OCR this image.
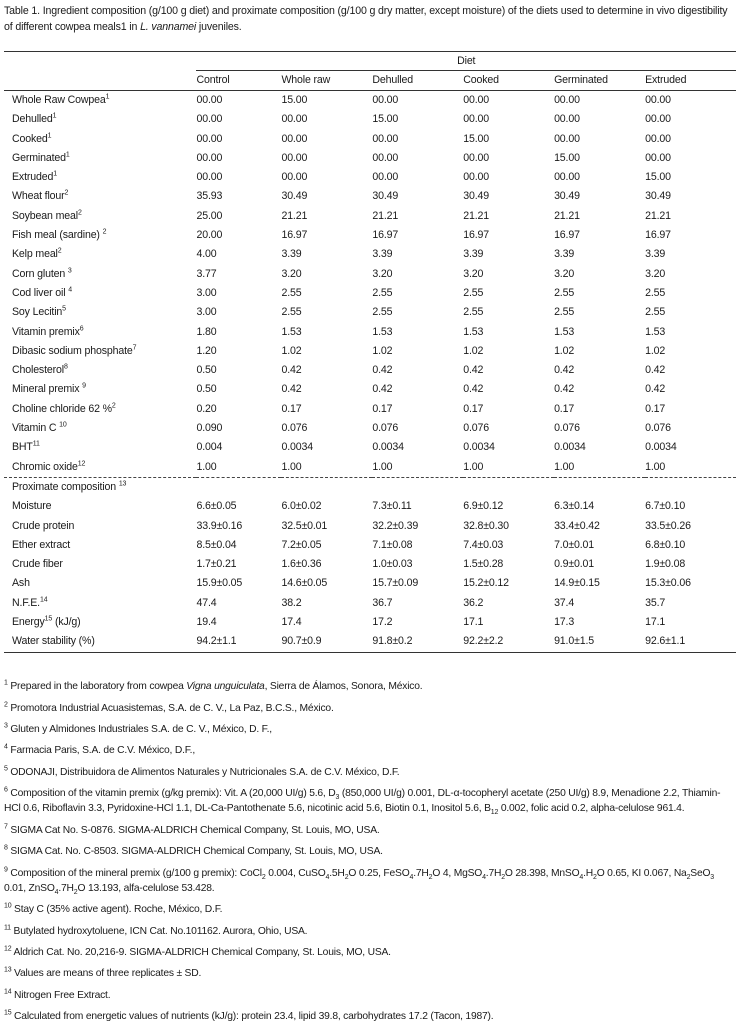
Table 1. Ingredient composition (g/100 g diet) and proximate composition (g/100 g dry matter, except moisture) of the diets used to determine in vivo digestibility of different cowpea meals1 in L. vannamei juveniles.
	Diet					
	Control	Whole raw	Dehulled	Cooked	Germinated	Extruded
Whole Raw Cowpea$^1$	00.00	15.00	00.00	00.00	00.00	00.00
Dehulled$^1$	00.00	00.00	15.00	00.00	00.00	00.00
Cooked$^1$	00.00	00.00	00.00	15.00	00.00	00.00
Germinated$^1$	00.00	00.00	00.00	00.00	15.00	00.00
Extruded$^1$	00.00	00.00	00.00	00.00	00.00	15.00
Wheat flour$^2$	35.93	30.49	30.49	30.49	30.49	30.49
Soybean meal$^2$	25.00	21.21	21.21	21.21	21.21	21.21
Fish meal (sardine) $^2$	20.00	16.97	16.97	16.97	16.97	16.97
Kelp meal$^2$	4.00	3.39	3.39	3.39	3.39	3.39
Corn gluten $^3$	3.77	3.20	3.20	3.20	3.20	3.20
Cod liver oil $^4$	3.00	2.55	2.55	2.55	2.55	2.55
Soy Lecitin$^5$	3.00	2.55	2.55	2.55	2.55	2.55
Vitamin premix$^6$	1.80	1.53	1.53	1.53	1.53	1.53
Dibasic sodium phosphate$^7$	1.20	1.02	1.02	1.02	1.02	1.02
Cholesterol$^8$	0.50	0.42	0.42	0.42	0.42	0.42
Mineral premix $^9$	0.50	0.42	0.42	0.42	0.42	0.42
Choline chloride 62 %$^2$	0.20	0.17	0.17	0.17	0.17	0.17
Vitamin C $^{10}$	0.090	0.076	0.076	0.076	0.076	0.076
BHT$^{11}$	0.004	0.0034	0.0034	0.0034	0.0034	0.0034
Chromic oxide$^{12}$	1.00	1.00	1.00	1.00	1.00	1.00
Proximate composition $^{13}$
Moisture	6.6±0.05	6.0±0.02	7.3±0.11	6.9±0.12	6.3±0.14	6.7±0.10
Crude protein	33.9±0.16	32.5±0.01	32.2±0.39	32.8±0.30	33.4±0.42	33.5±0.26
Ether extract	8.5±0.04	7.2±0.05	7.1±0.08	7.4±0.03	7.0±0.01	6.8±0.10
Crude fiber	1.7±0.21	1.6±0.36	1.0±0.03	1.5±0.28	0.9±0.01	1.9±0.08
Ash	15.9±0.05	14.6±0.05	15.7±0.09	15.2±0.12	14.9±0.15	15.3±0.06
N.F.E.$^{14}$	47.4	38.2	36.7	36.2	37.4	35.7
Energy$^{15}$ (kJ/g)	19.4	17.4	17.2	17.1	17.3	17.1
Water stability (%)	94.2±1.1	90.7±0.9	91.8±0.2	92.2±2.2	91.0±1.5	92.6±1.1
$^1$ Prepared in the laboratory from cowpea Vigna unguiculata, Sierra de Álamos, Sonora, México.
$^2$ Promotora Industrial Acuasistemas, S.A. de C. V., La Paz, B.C.S., México.
$^3$ Gluten y Almidones Industriales S.A. de C. V., México, D. F.,
$^4$ Farmacia Paris, S.A. de C.V. México, D.F.,
$^5$ ODONAJI, Distribuidora de Alimentos Naturales y Nutricionales S.A. de C.V. México, D.F.
$^6$ Composition of the vitamin premix (g/kg premix): Vit. A (20,000 UI/g) 5.6, $D_3$ (850,000 UI/g) 0.001, DL-α-tocopheryl acetate (250 UI/g) 8.9, Menadione 2.2, Thiamin-HCl 0.6, Riboflavin 3.3, Pyridoxine-HCl 1.1, DL-Ca-Pantothenate 5.6, nicotinic acid 5.6, Biotin 0.1, Inositol 5.6, $B_{12}$ 0.002, folic acid 0.2, alpha-celulose 961.4.
$^7$ SIGMA Cat No. S-0876. SIGMA-ALDRICH Chemical Company, St. Louis, MO, USA.
$^8$ SIGMA Cat. No. C-8503. SIGMA-ALDRICH Chemical Company, St. Louis, MO, USA.
$^9$ Composition of the mineral premix (g/100 g premix): CoCl$_2$ 0.004, $CuSO_4.5H_2O$ 0.25, $FeSO_4.7H_2O$ 4, $MgSO_4.7H_2O$ 28.398, $MnSO_4.H_2O$ 0.65, KI 0.067, $Na_2SeO_3$ 0.01, $ZnSO_4.7H_2O$ 13.193, alfa-celulose 53.428.
$^{10}$ Stay C (35% active agent). Roche, México, D.F.
$^{11}$ Butylated hydroxytoluene, ICN Cat. No.101162. Aurora, Ohio, USA.
$^{12}$ Aldrich Cat. No. 20,216-9. SIGMA-ALDRICH Chemical Company, St. Louis, MO, USA.
$^{13}$ Values are means of three replicates ± SD.
$^{14}$ Nitrogen Free Extract.
$^{15}$ Calculated from energetic values of nutrients (kJ/g): protein 23.4, lipid 39.8, carbohydrates 17.2 (Tacon, 1987).
